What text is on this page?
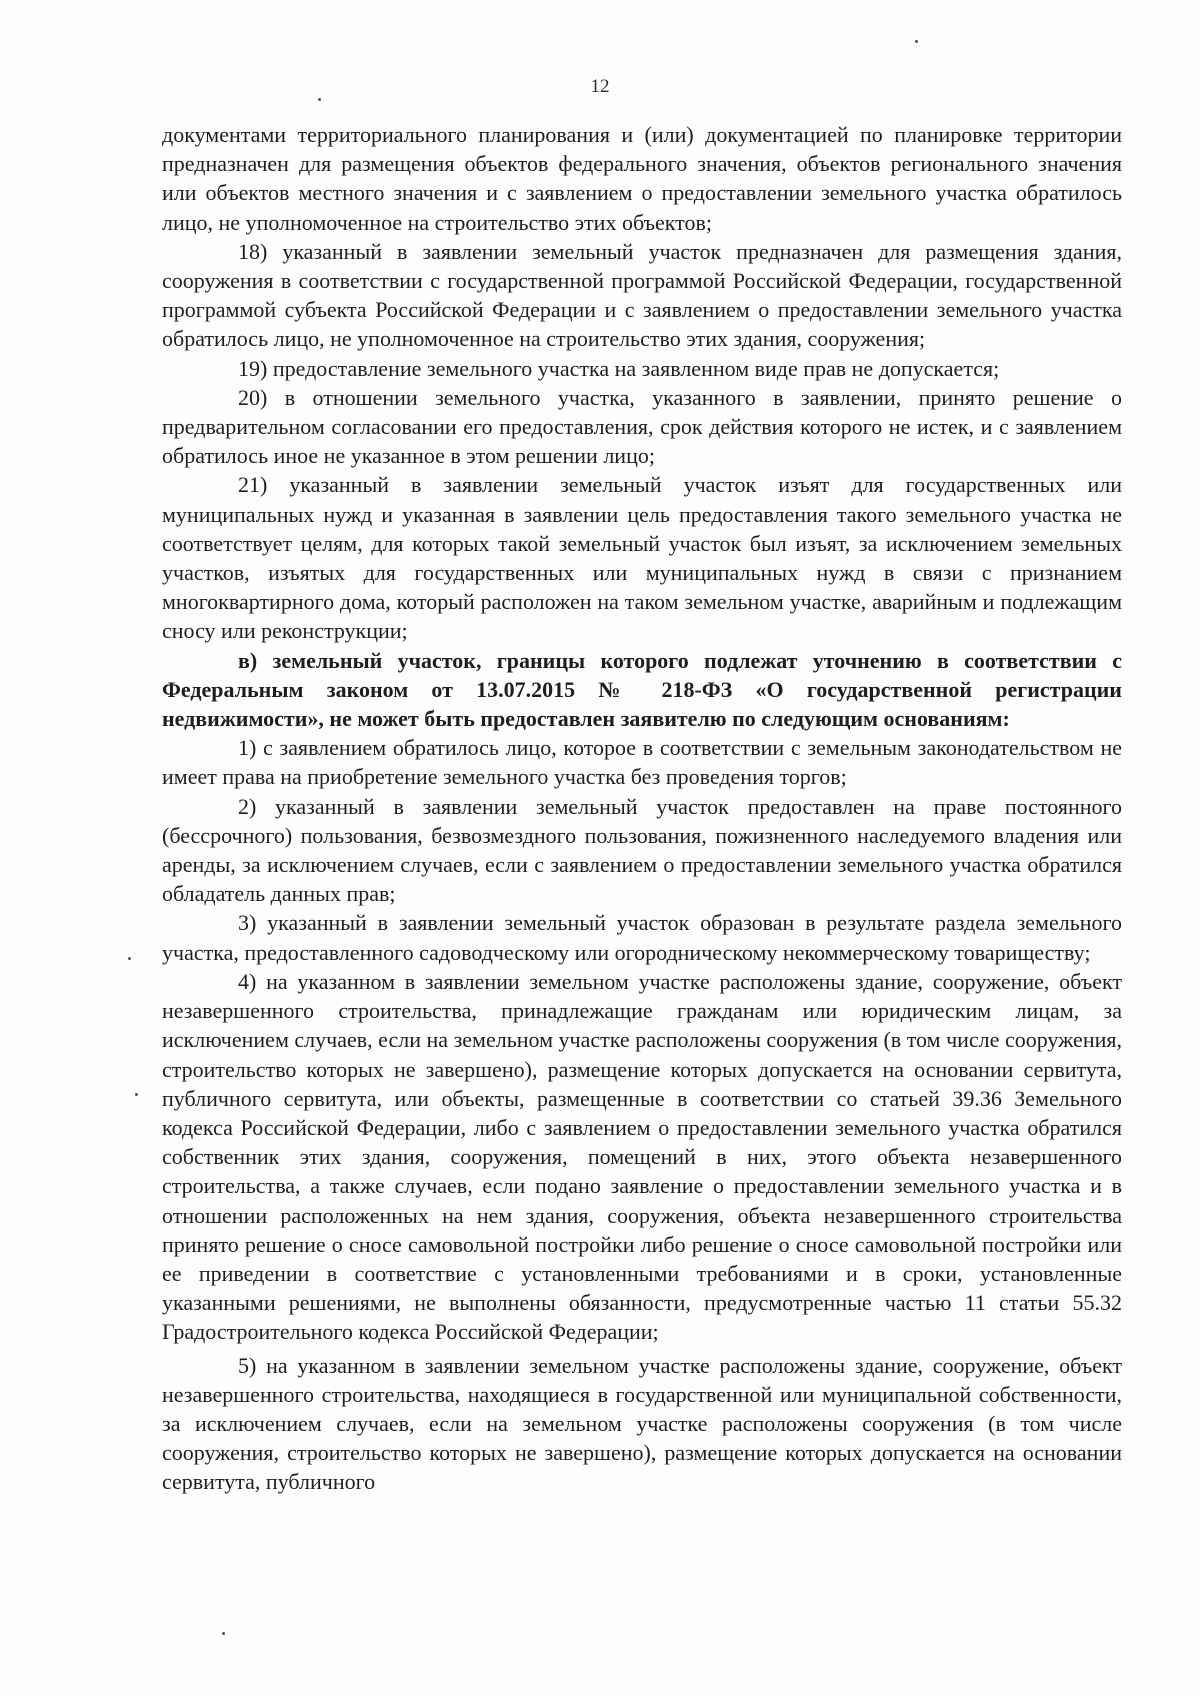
12

документами территориального планирования и (или) документацией по планировке территории предназначен для размещения объектов федерального значения, объектов регионального значения или объектов местного значения и с заявлением о предоставлении земельного участка обратилось лицо, не уполномоченное на строительство этих объектов;

18) указанный в заявлении земельный участок предназначен для размещения здания, сооружения в соответствии с государственной программой Российской Федерации, государственной программой субъекта Российской Федерации и с заявлением о предоставлении земельного участка обратилось лицо, не уполномоченное на строительство этих здания, сооружения;

19) предоставление земельного участка на заявленном виде прав не допускается;

20) в отношении земельного участка, указанного в заявлении, принято решение о предварительном согласовании его предоставления, срок действия которого не истек, и с заявлением обратилось иное не указанное в этом решении лицо;

21) указанный в заявлении земельный участок изъят для государственных или муниципальных нужд и указанная в заявлении цель предоставления такого земельного участка не соответствует целям, для которых такой земельный участок был изъят, за исключением земельных участков, изъятых для государственных или муниципальных нужд в связи с признанием многоквартирного дома, который расположен на таком земельном участке, аварийным и подлежащим сносу или реконструкции;

в) земельный участок, границы которого подлежат уточнению в соответствии с Федеральным законом от 13.07.2015 № 218-ФЗ «О государственной регистрации недвижимости», не может быть предоставлен заявителю по следующим основаниям:

1) с заявлением обратилось лицо, которое в соответствии с земельным законодательством не имеет права на приобретение земельного участка без проведения торгов;

2) указанный в заявлении земельный участок предоставлен на праве постоянного (бессрочного) пользования, безвозмездного пользования, пожизненного наследуемого владения или аренды, за исключением случаев, если с заявлением о предоставлении земельного участка обратился обладатель данных прав;

3) указанный в заявлении земельный участок образован в результате раздела земельного участка, предоставленного садоводческому или огородническому некоммерческому товариществу;

4) на указанном в заявлении земельном участке расположены здание, сооружение, объект незавершенного строительства, принадлежащие гражданам или юридическим лицам, за исключением случаев, если на земельном участке расположены сооружения (в том числе сооружения, строительство которых не завершено), размещение которых допускается на основании сервитута, публичного сервитута, или объекты, размещенные в соответствии со статьей 39.36 Земельного кодекса Российской Федерации, либо с заявлением о предоставлении земельного участка обратился собственник этих здания, сооружения, помещений в них, этого объекта незавершенного строительства, а также случаев, если подано заявление о предоставлении земельного участка и в отношении расположенных на нем здания, сооружения, объекта незавершенного строительства принято решение о сносе самовольной постройки либо решение о сносе самовольной постройки или ее приведении в соответствие с установленными требованиями и в сроки, установленные указанными решениями, не выполнены обязанности, предусмотренные частью 11 статьи 55.32 Градостроительного кодекса Российской Федерации;

5) на указанном в заявлении земельном участке расположены здание, сооружение, объект незавершенного строительства, находящиеся в государственной или муниципальной собственности, за исключением случаев, если на земельном участке расположены сооружения (в том числе сооружения, строительство которых не завершено), размещение которых допускается на основании сервитута, публичного
